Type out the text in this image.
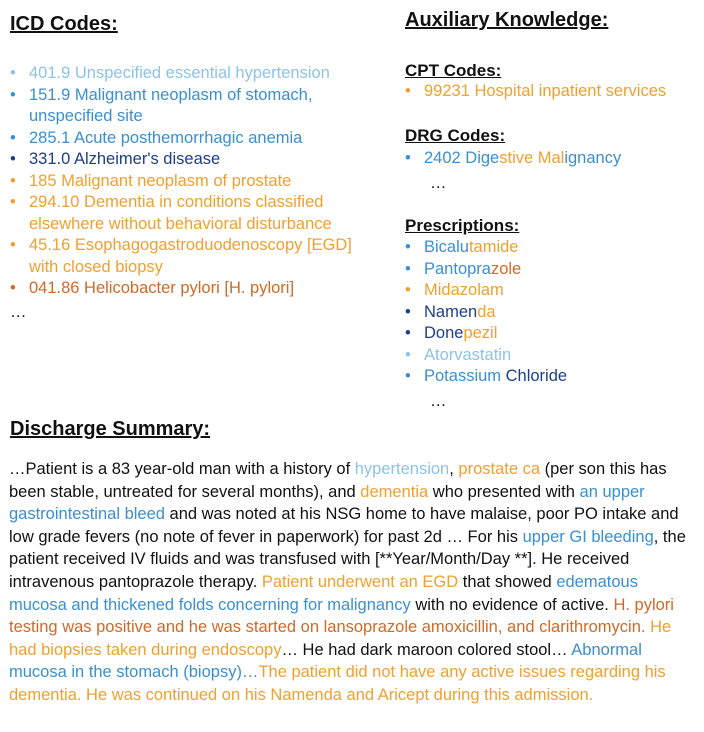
ICD Codes:
• 401.9 Unspecified essential hypertension
• 151.9 Malignant neoplasm of stomach, unspecified site
• 285.1 Acute posthemorrhagic anemia
• 331.0 Alzheimer's disease
• 185 Malignant neoplasm of prostate
• 294.10 Dementia in conditions classified elsewhere without behavioral disturbance
• 45.16 Esophagogastroduodenoscopy [EGD] with closed biopsy
• 041.86 Helicobacter pylori [H. pylori]
…
Auxiliary Knowledge:
CPT Codes:
• 99231 Hospital inpatient services
DRG Codes:
• 2402 Digestive Malignancy
…
Prescriptions:
• Bicalutamide
• Pantoprazole
• Midazolam
• Namenda
• Donepezil
• Atorvastatin
• Potassium Chloride
…
Discharge Summary:

…Patient is a 83 year-old man with a history of hypertension, prostate ca (per son this has been stable, untreated for several months), and dementia who presented with an upper gastrointestinal bleed and was noted at his NSG home to have malaise, poor PO intake and low grade fevers (no note of fever in paperwork) for past 2d … For his upper GI bleeding, the patient received IV fluids and was transfused with [**Year/Month/Day **]. He received intravenous pantoprazole therapy. Patient underwent an EGD that showed edematous mucosa and thickened folds concerning for malignancy with no evidence of active. H. pylori testing was positive and he was started on lansoprazole amoxicillin, and clarithromycin. He had biopsies taken during endoscopy… He had dark maroon colored stool… Abnormal mucosa in the stomach (biopsy)…The patient did not have any active issues regarding his dementia. He was continued on his Namenda and Aricept during this admission.
